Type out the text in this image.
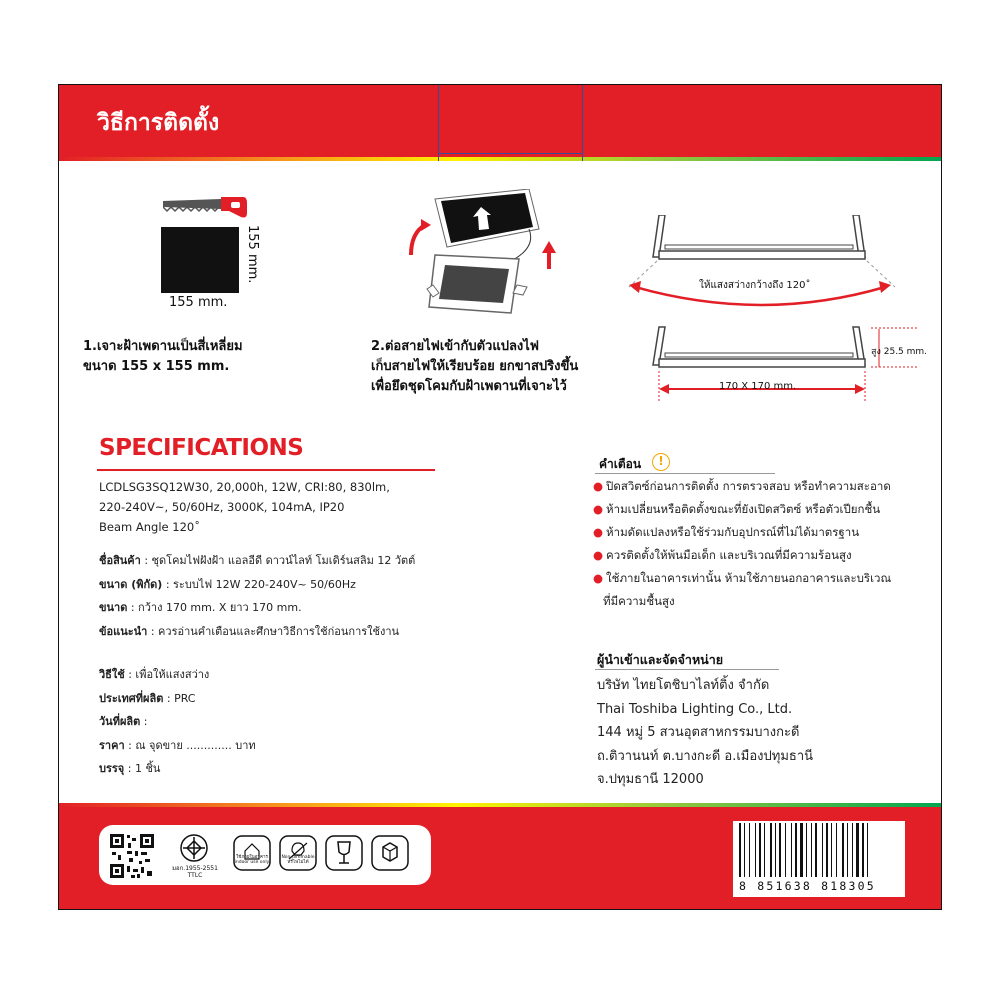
วิธีการติดตั้ง
155 mm.
155 mm.
1.เจาะฝ้าเพดานเป็นสี่เหลี่ยม
ขนาด 155 x 155 mm.
2.ต่อสายไฟเข้ากับตัวแปลงไฟ
เก็บสายไฟให้เรียบร้อย ยกขาสปริงขึ้น
เพื่อยึดชุดโคมกับฝ้าเพดานที่เจาะไว้
ให้แสงสว่างกว้างถึง 120˚
สูง 25.5 mm.
170 X 170 mm.
SPECIFICATIONS
LCDLSG3SQ12W30, 20,000h, 12W, CRI:80, 830lm,
220-240V~, 50/60Hz, 3000K, 104mA, IP20
Beam Angle 120˚
ชื่อสินค้า : ชุดโคมไฟฝังฝ้า แอลอีดี ดาวน์ไลท์ โมเดิร์นสลิม 12 วัตต์
ขนาด (พิกัด) : ระบบไฟ 12W 220-240V~ 50/60Hz
ขนาด : กว้าง 170 mm. X ยาว 170 mm.
ข้อแนะนำ : ควรอ่านคำเตือนและศึกษาวิธีการใช้ก่อนการใช้งาน
วิธีใช้ : เพื่อให้แสงสว่าง
ประเทศที่ผลิต : PRC
วันที่ผลิต :
ราคา : ณ จุดขาย ............. บาท
บรรจุ : 1 ชิ้น
คำเตือน	!
● ปิดสวิตซ์ก่อนการติดตั้ง การตรวจสอบ หรือทำความสะอาด
● ห้ามเปลี่ยนหรือติดตั้งขณะที่ยังเปิดสวิตซ์ หรือตัวเปียกชื้น
● ห้ามดัดแปลงหรือใช้ร่วมกับอุปกรณ์ที่ไม่ได้มาตรฐาน
● ควรติดตั้งให้พ้นมือเด็ก และบริเวณที่มีความร้อนสูง
● ใช้ภายในอาคารเท่านั้น ห้ามใช้ภายนอกอาคารและบริเวณ
ที่มีความชื้นสูง
ผู้นำเข้าและจัดจำหน่าย
บริษัท ไทยโตชิบาไลท์ติ้ง จำกัด
Thai Toshiba Lighting Co., Ltd.
144 หมู่ 5 สวนอุตสาหกรรมบางกะดี
ถ.ติวานนท์ ต.บางกะดี อ.เมืองปทุมธานี
จ.ปทุมธานี 12000
มอก.1955-2551
TTLC
ใช้ภายในอาคาร indoor use only
Non-dimmable หรี่ไฟไม่ได้
8 851638 818305
